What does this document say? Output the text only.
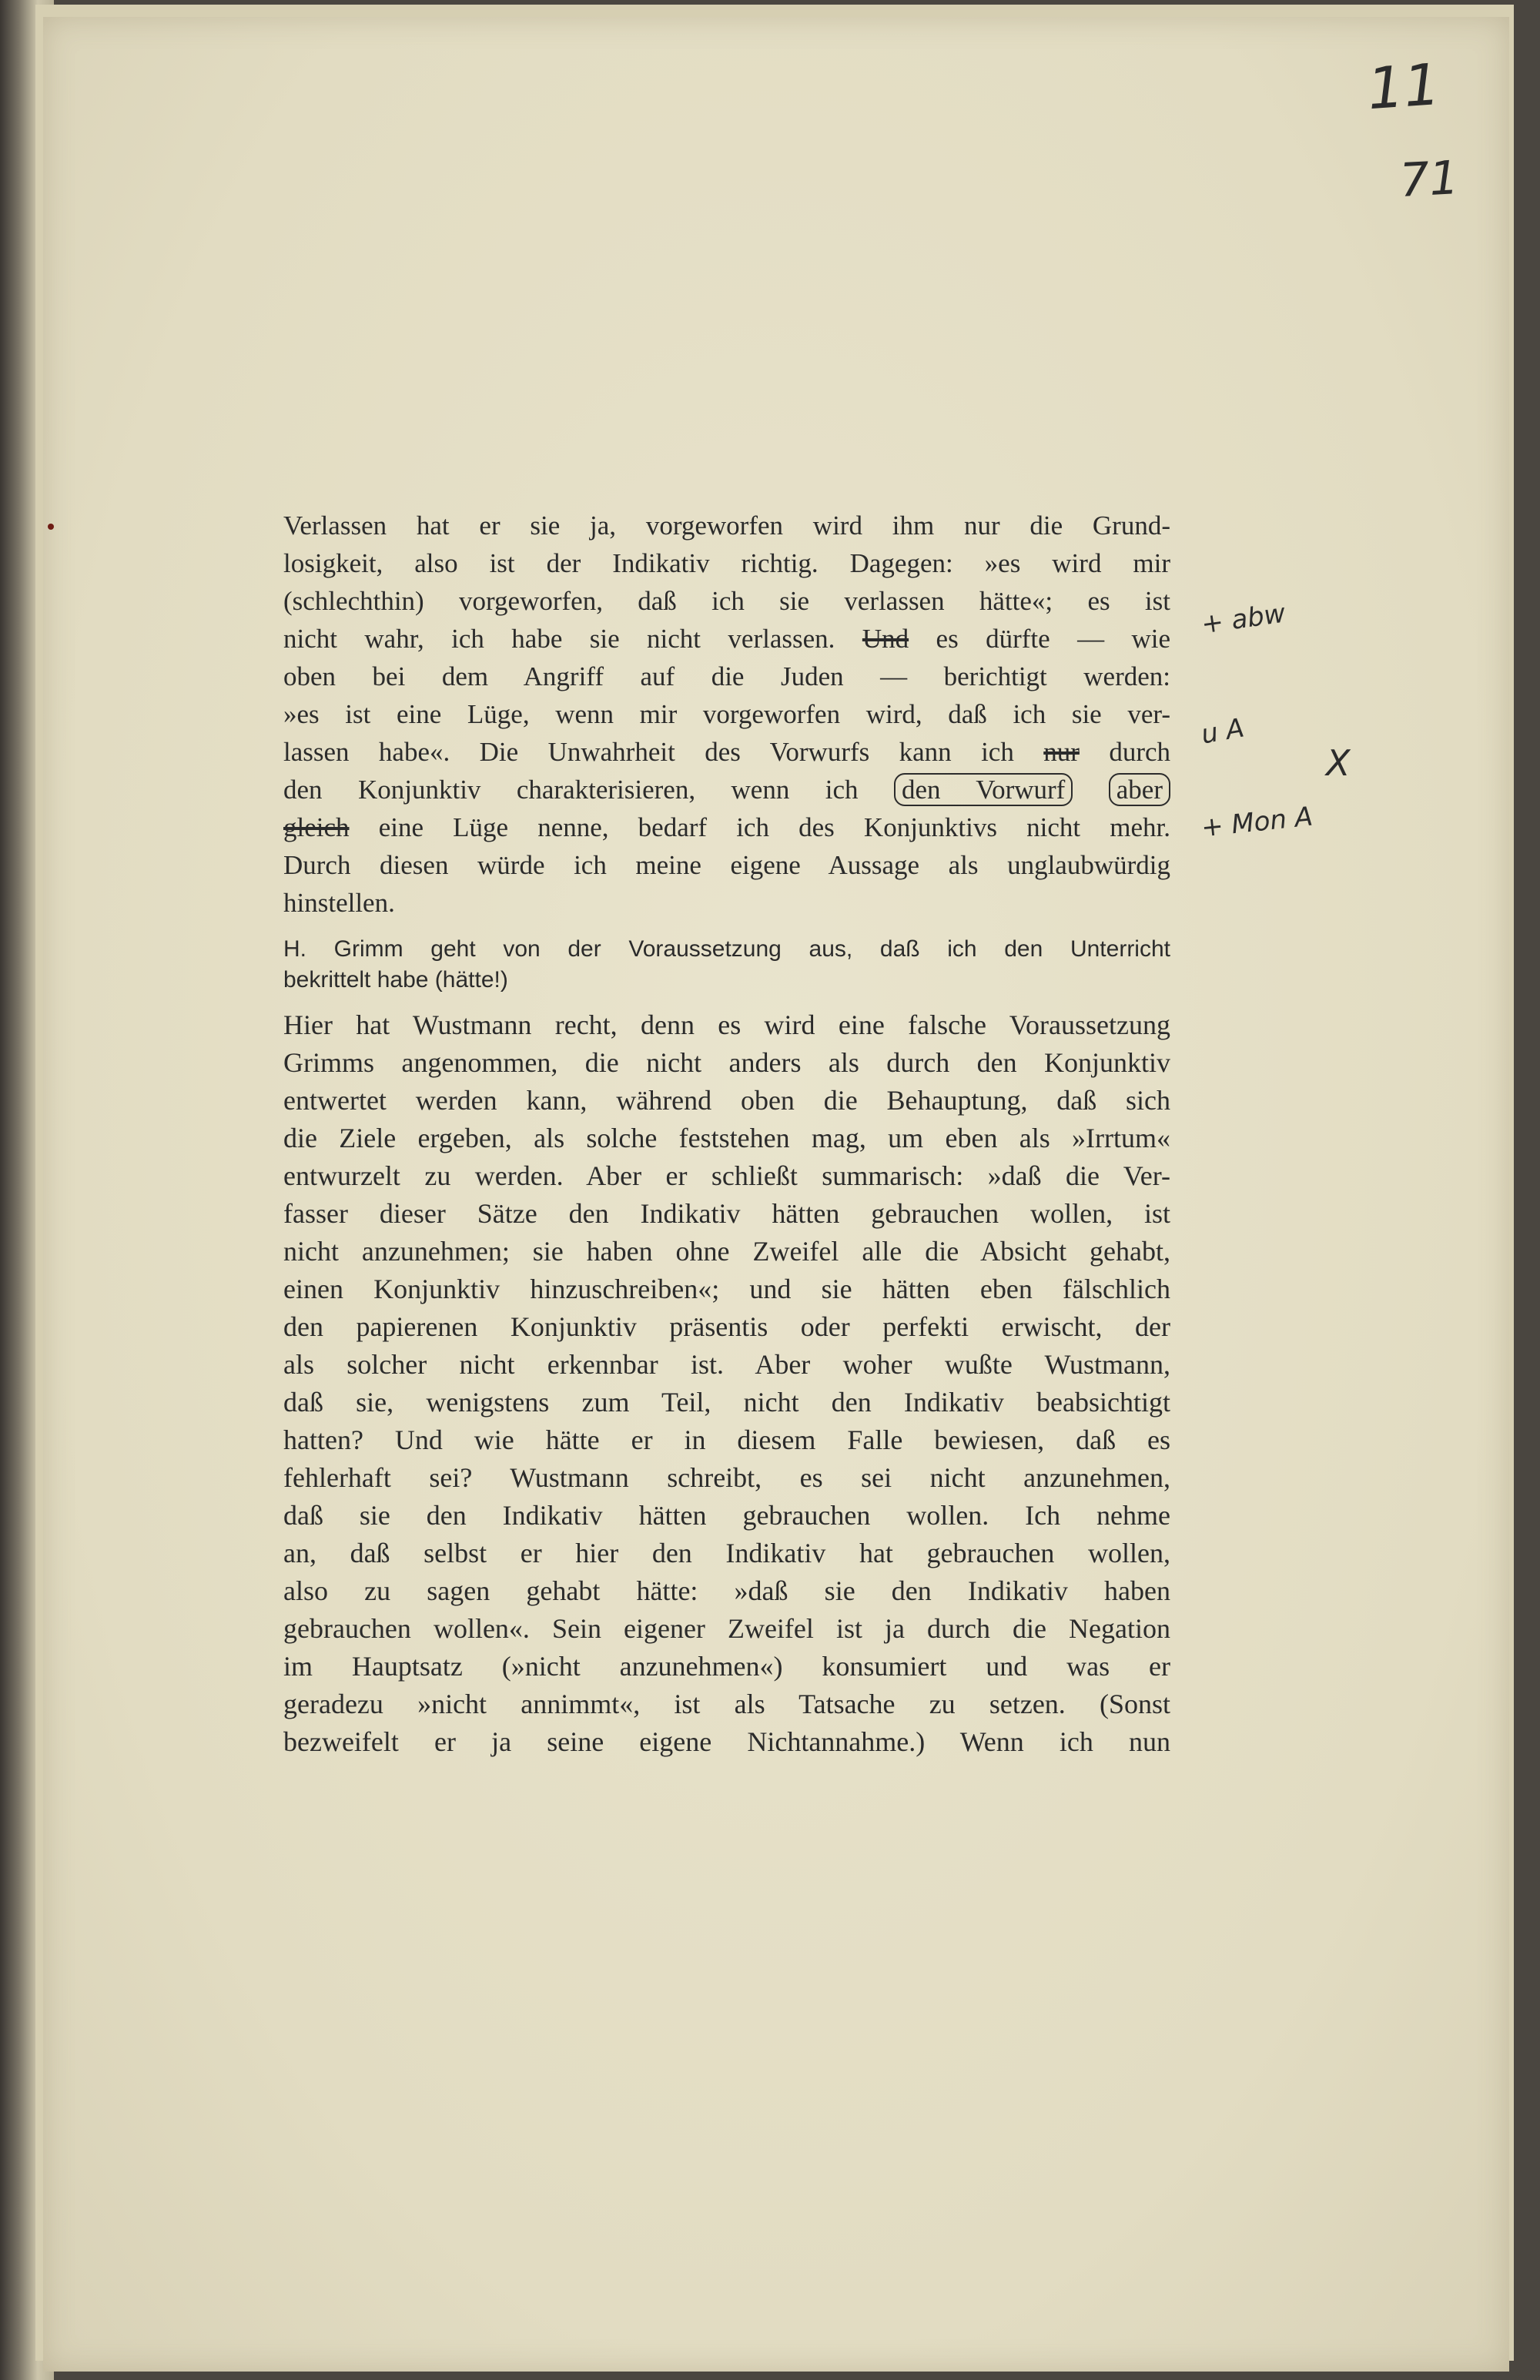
11
71
Verlassen hat er sie ja, vorgeworfen wird ihm nur die Grund-
losigkeit, also ist der Indikativ richtig. Dagegen: »es wird mir
(schlechthin) vorgeworfen, daß ich sie verlassen hätte«; es ist
nicht wahr, ich habe sie nicht verlassen. Und es dürfte — wie
oben bei dem Angriff auf die Juden — berichtigt werden:
»es ist eine Lüge, wenn mir vorgeworfen wird, daß ich sie ver-
lassen habe«. Die Unwahrheit des Vorwurfs kann ich nur durch
den Konjunktiv charakterisieren, wenn ich den Vorwurf aber
gleich eine Lüge nenne, bedarf ich des Konjunktivs nicht mehr.
Durch diesen würde ich meine eigene Aussage als unglaubwürdig
hinstellen.
H. Grimm geht von der Voraussetzung aus, daß ich den Unterricht
bekrittelt habe (hätte!)
Hier hat Wustmann recht, denn es wird eine falsche Voraussetzung
Grimms angenommen, die nicht anders als durch den Konjunktiv
entwertet werden kann, während oben die Behauptung, daß sich
die Ziele ergeben, als solche feststehen mag, um eben als »Irrtum«
entwurzelt zu werden. Aber er schließt summarisch: »daß die Ver-
fasser dieser Sätze den Indikativ hätten gebrauchen wollen, ist
nicht anzunehmen; sie haben ohne Zweifel alle die Absicht gehabt,
einen Konjunktiv hinzuschreiben«; und sie hätten eben fälschlich
den papierenen Konjunktiv präsentis oder perfekti erwischt, der
als solcher nicht erkennbar ist. Aber woher wußte Wustmann,
daß sie, wenigstens zum Teil, nicht den Indikativ beabsichtigt
hatten? Und wie hätte er in diesem Falle bewiesen, daß es
fehlerhaft sei? Wustmann schreibt, es sei nicht anzunehmen,
daß sie den Indikativ hätten gebrauchen wollen. Ich nehme
an, daß selbst er hier den Indikativ hat gebrauchen wollen,
also zu sagen gehabt hätte: »daß sie den Indikativ haben
gebrauchen wollen«. Sein eigener Zweifel ist ja durch die Negation
im Hauptsatz (»nicht anzunehmen«) konsumiert und was er
geradezu »nicht annimmt«, ist als Tatsache zu setzen. (Sonst
bezweifelt er ja seine eigene Nichtannahme.) Wenn ich nun
+ abw
u A
X
+ Mon A
